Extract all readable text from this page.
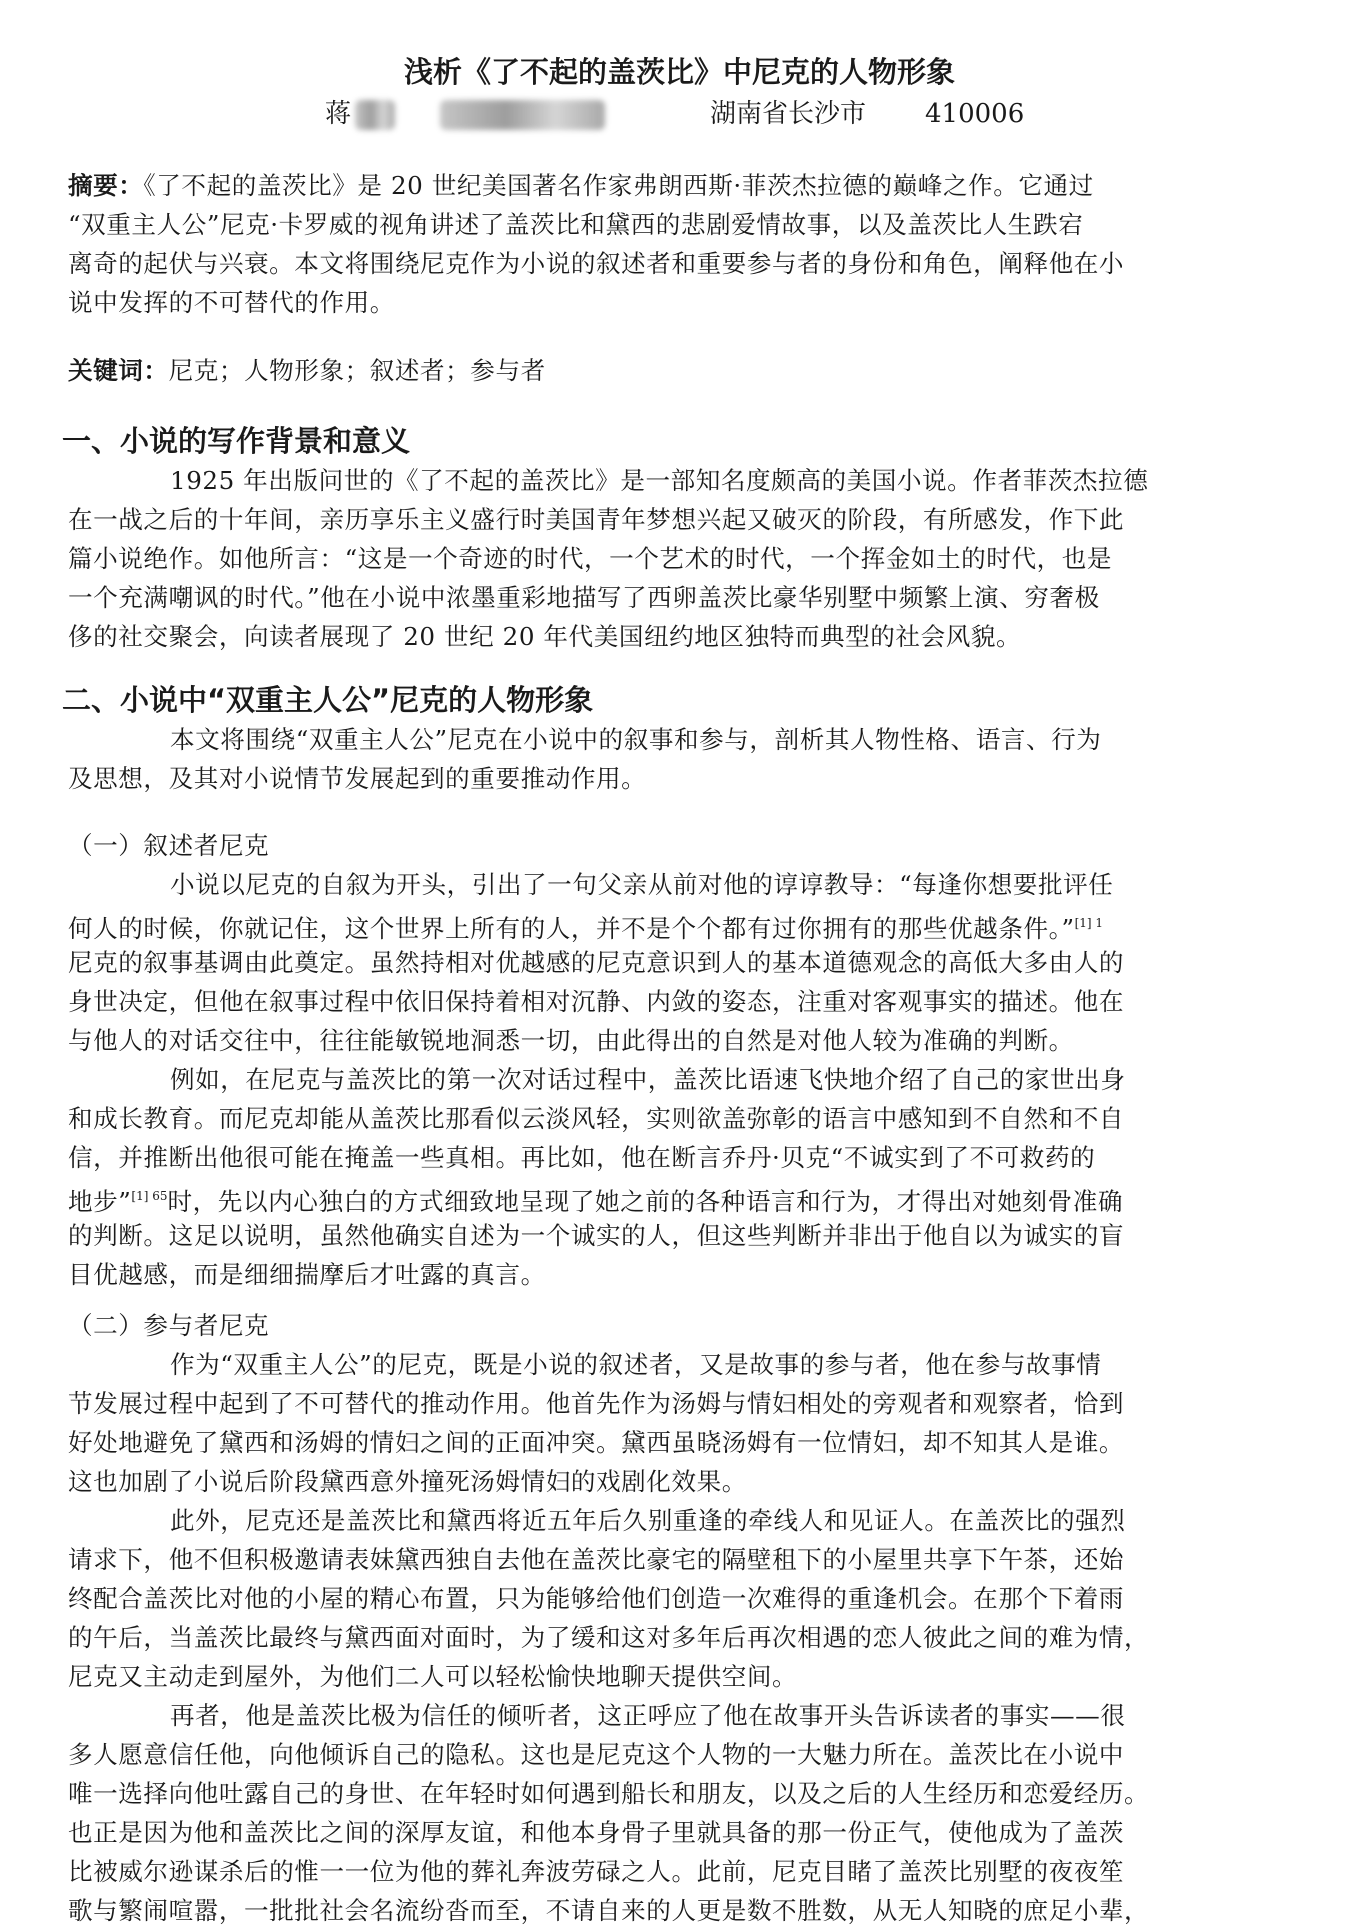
浅析《了不起的盖茨比》中尼克的人物形象
蒋	湖南省长沙市 410006
摘要：《了不起的盖茨比》是 20 世纪美国著名作家弗朗西斯·菲茨杰拉德的巅峰之作。它通过
“双重主人公”尼克·卡罗威的视角讲述了盖茨比和黛西的悲剧爱情故事，以及盖茨比人生跌宕
离奇的起伏与兴衰。本文将围绕尼克作为小说的叙述者和重要参与者的身份和角色，阐释他在小
说中发挥的不可替代的作用。
关键词：尼克；人物形象；叙述者；参与者
一、小说的写作背景和意义
1925 年出版问世的《了不起的盖茨比》是一部知名度颇高的美国小说。作者菲茨杰拉德
在一战之后的十年间，亲历享乐主义盛行时美国青年梦想兴起又破灭的阶段，有所感发，作下此
篇小说绝作。如他所言：“这是一个奇迹的时代，一个艺术的时代，一个挥金如土的时代，也是
一个充满嘲讽的时代。”他在小说中浓墨重彩地描写了西卵盖茨比豪华别墅中频繁上演、穷奢极
侈的社交聚会，向读者展现了 20 世纪 20 年代美国纽约地区独特而典型的社会风貌。
二、小说中“双重主人公”尼克的人物形象
本文将围绕“双重主人公”尼克在小说中的叙事和参与，剖析其人物性格、语言、行为
及思想，及其对小说情节发展起到的重要推动作用。
（一）叙述者尼克
小说以尼克的自叙为开头，引出了一句父亲从前对他的谆谆教导：“每逢你想要批评任
何人的时候，你就记住，这个世界上所有的人，并不是个个都有过你拥有的那些优越条件。”$^{[1] 1}$
尼克的叙事基调由此奠定。虽然持相对优越感的尼克意识到人的基本道德观念的高低大多由人的
身世决定，但他在叙事过程中依旧保持着相对沉静、内敛的姿态，注重对客观事实的描述。他在
与他人的对话交往中，往往能敏锐地洞悉一切，由此得出的自然是对他人较为准确的判断。
例如，在尼克与盖茨比的第一次对话过程中，盖茨比语速飞快地介绍了自己的家世出身
和成长教育。而尼克却能从盖茨比那看似云淡风轻，实则欲盖弥彰的语言中感知到不自然和不自
信，并推断出他很可能在掩盖一些真相。再比如，他在断言乔丹·贝克“不诚实到了不可救药的
地步”$^{[1] 65}$时，先以内心独白的方式细致地呈现了她之前的各种语言和行为，才得出对她刻骨准确
的判断。这足以说明，虽然他确实自述为一个诚实的人，但这些判断并非出于他自以为诚实的盲
目优越感，而是细细揣摩后才吐露的真言。
（二）参与者尼克
作为“双重主人公”的尼克，既是小说的叙述者，又是故事的参与者，他在参与故事情
节发展过程中起到了不可替代的推动作用。他首先作为汤姆与情妇相处的旁观者和观察者，恰到
好处地避免了黛西和汤姆的情妇之间的正面冲突。黛西虽晓汤姆有一位情妇，却不知其人是谁。
这也加剧了小说后阶段黛西意外撞死汤姆情妇的戏剧化效果。
此外，尼克还是盖茨比和黛西将近五年后久别重逢的牵线人和见证人。在盖茨比的强烈
请求下，他不但积极邀请表妹黛西独自去他在盖茨比豪宅的隔壁租下的小屋里共享下午茶，还始
终配合盖茨比对他的小屋的精心布置，只为能够给他们创造一次难得的重逢机会。在那个下着雨
的午后，当盖茨比最终与黛西面对面时，为了缓和这对多年后再次相遇的恋人彼此之间的难为情，
尼克又主动走到屋外，为他们二人可以轻松愉快地聊天提供空间。
再者，他是盖茨比极为信任的倾听者，这正呼应了他在故事开头告诉读者的事实——很
多人愿意信任他，向他倾诉自己的隐私。这也是尼克这个人物的一大魅力所在。盖茨比在小说中
唯一选择向他吐露自己的身世、在年轻时如何遇到船长和朋友，以及之后的人生经历和恋爱经历。
也正是因为他和盖茨比之间的深厚友谊，和他本身骨子里就具备的那一份正气，使他成为了盖茨
比被威尔逊谋杀后的惟一一位为他的葬礼奔波劳碌之人。此前，尼克目睹了盖茨比别墅的夜夜笙
歌与繁闹喧嚣，一批批社会名流纷沓而至，不请自来的人更是数不胜数，从无人知晓的庶足小辈，
